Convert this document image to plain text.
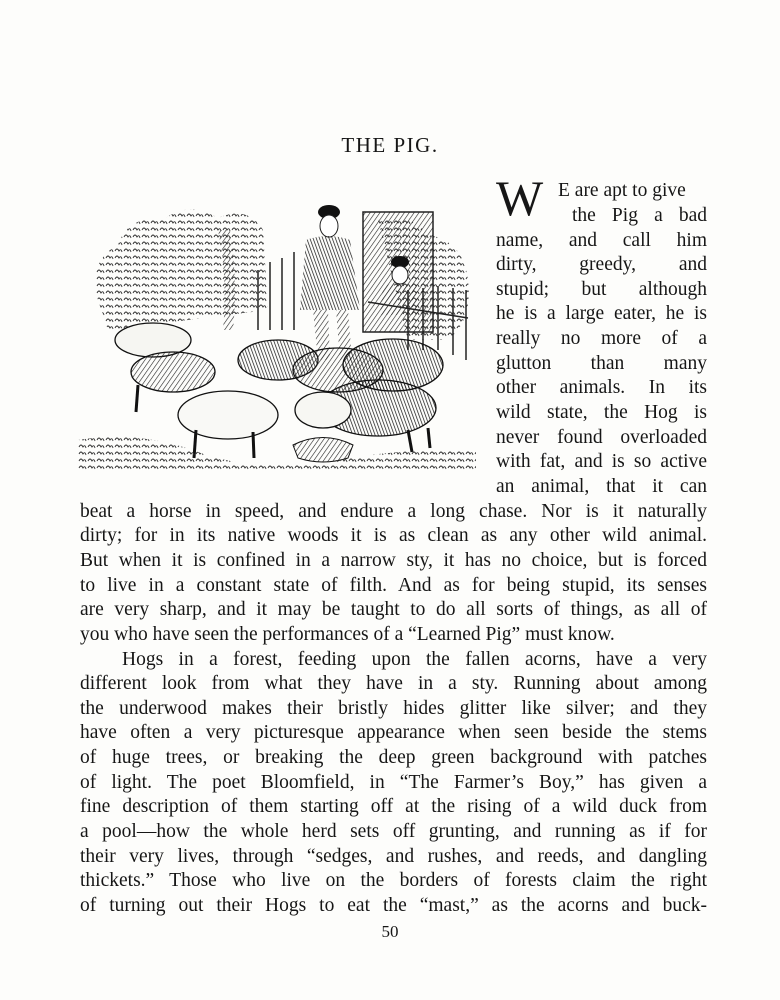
THE PIG.
W E are apt to give
the Pig a bad
name, and call him
dirty, greedy, and
stupid; but although
he is a large eater, he is
really no more of a
glutton than many
other animals. In its
wild state, the Hog is
never found overloaded
with fat, and is so active
an animal, that it can
beat a horse in speed, and endure a long chase. Nor is it naturally
dirty; for in its native woods it is as clean as any other wild animal.
But when it is confined in a narrow sty, it has no choice, but is forced
to live in a constant state of filth. And as for being stupid, its senses
are very sharp, and it may be taught to do all sorts of things, as all of
you who have seen the performances of a “Learned Pig” must know.
Hogs in a forest, feeding upon the fallen acorns, have a very
different look from what they have in a sty. Running about among
the underwood makes their bristly hides glitter like silver; and they
have often a very picturesque appearance when seen beside the stems
of huge trees, or breaking the deep green background with patches
of light. The poet Bloomfield, in “The Farmer’s Boy,” has given a
fine description of them starting off at the rising of a wild duck from
a pool—how the whole herd sets off grunting, and running as if for
their very lives, through “sedges, and rushes, and reeds, and dangling
thickets.” Those who live on the borders of forests claim the right
of turning out their Hogs to eat the “mast,” as the acorns and buck-
50
